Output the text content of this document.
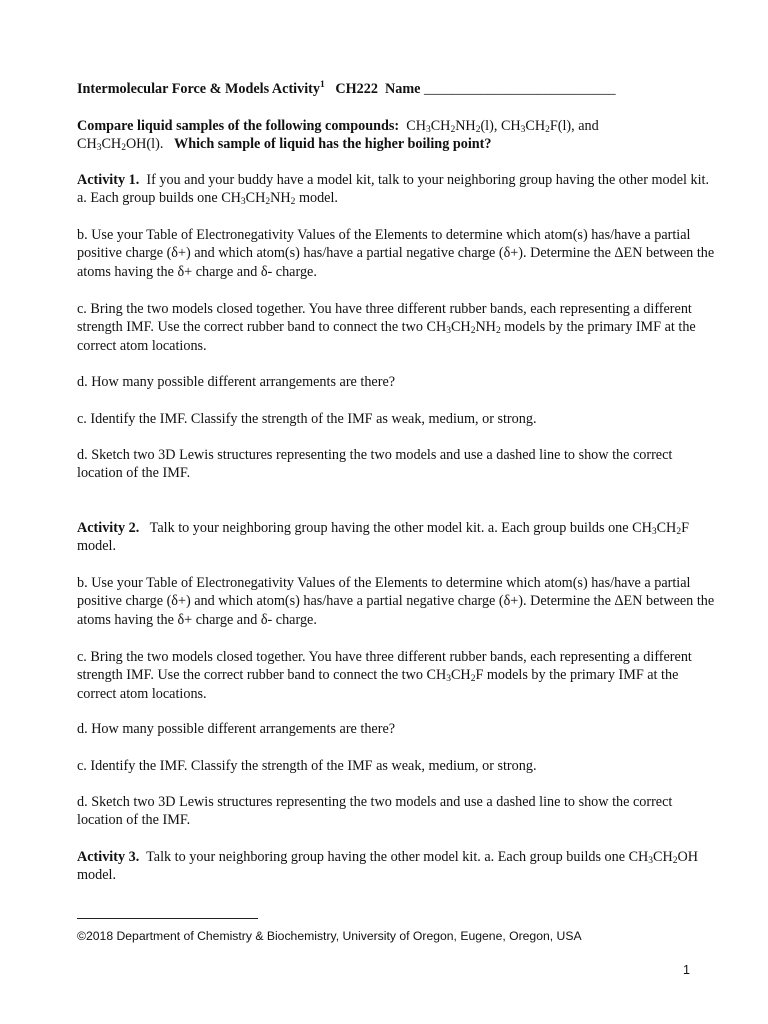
Intermolecular Force & Models Activity$^1$ CH222 Name ___________________________

Compare liquid samples of the following compounds: $CH_3CH_2NH_2(l)$, $CH_3CH_2F(l)$, and
$CH_3CH_2OH(l)$. Which sample of liquid has the higher boiling point?

Activity 1. If you and your buddy have a model kit, talk to your neighboring group having the other model kit. a. Each group builds one $CH_3CH_2NH_2$ model.

b. Use your Table of Electronegativity Values of the Elements to determine which atom(s) has/have a partial positive charge (δ+) and which atom(s) has/have a partial negative charge (δ+). Determine the ΔEN between the atoms having the δ+ charge and δ- charge.

c. Bring the two models closed together. You have three different rubber bands, each representing a different strength IMF. Use the correct rubber band to connect the two $CH_3CH_2NH_2$ models by the primary IMF at the correct atom locations.

d. How many possible different arrangements are there?

c. Identify the IMF. Classify the strength of the IMF as weak, medium, or strong.

d. Sketch two 3D Lewis structures representing the two models and use a dashed line to show the correct location of the IMF.

Activity 2. Talk to your neighboring group having the other model kit. a. Each group builds one $CH_3CH_2F$ model.

b. Use your Table of Electronegativity Values of the Elements to determine which atom(s) has/have a partial positive charge (δ+) and which atom(s) has/have a partial negative charge (δ+). Determine the ΔEN between the atoms having the δ+ charge and δ- charge.

c. Bring the two models closed together. You have three different rubber bands, each representing a different strength IMF. Use the correct rubber band to connect the two $CH_3CH_2F$ models by the primary IMF at the correct atom locations.

d. How many possible different arrangements are there?

c. Identify the IMF. Classify the strength of the IMF as weak, medium, or strong.

d. Sketch two 3D Lewis structures representing the two models and use a dashed line to show the correct location of the IMF.

Activity 3. Talk to your neighboring group having the other model kit. a. Each group builds one $CH_3CH_2OH$ model.

©2018 Department of Chemistry & Biochemistry, University of Oregon, Eugene, Oregon, USA
1
